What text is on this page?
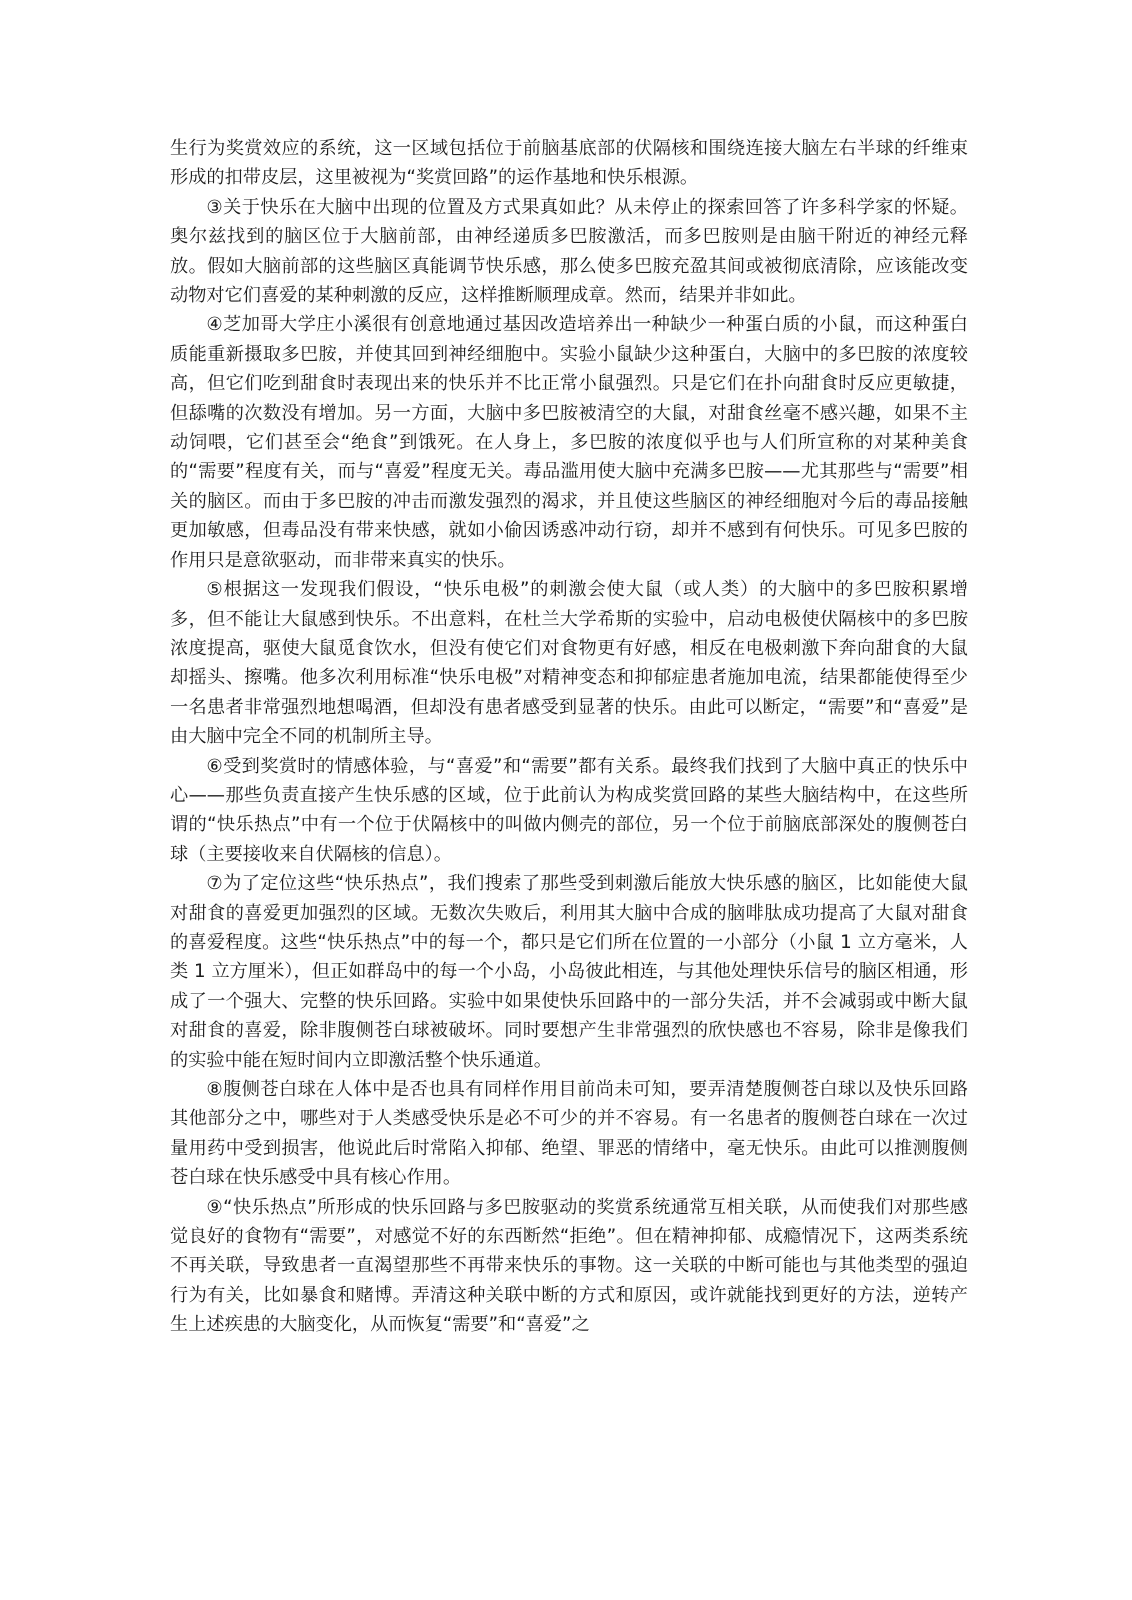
生行为奖赏效应的系统，这一区域包括位于前脑基底部的伏隔核和围绕连接大脑左右半球的纤维束形成的扣带皮层，这里被视为“奖赏回路”的运作基地和快乐根源。

③关于快乐在大脑中出现的位置及方式果真如此？从未停止的探索回答了许多科学家的怀疑。奥尔兹找到的脑区位于大脑前部，由神经递质多巴胺激活，而多巴胺则是由脑干附近的神经元释放。假如大脑前部的这些脑区真能调节快乐感，那么使多巴胺充盈其间或被彻底清除，应该能改变动物对它们喜爱的某种刺激的反应，这样推断顺理成章。然而，结果并非如此。

④芝加哥大学庄小溪很有创意地通过基因改造培养出一种缺少一种蛋白质的小鼠，而这种蛋白质能重新摄取多巴胺，并使其回到神经细胞中。实验小鼠缺少这种蛋白，大脑中的多巴胺的浓度较高，但它们吃到甜食时表现出来的快乐并不比正常小鼠强烈。只是它们在扑向甜食时反应更敏捷，但舔嘴的次数没有增加。另一方面，大脑中多巴胺被清空的大鼠，对甜食丝毫不感兴趣，如果不主动饲喂，它们甚至会“绝食”到饿死。在人身上，多巴胺的浓度似乎也与人们所宣称的对某种美食的“需要”程度有关，而与“喜爱”程度无关。毒品滥用使大脑中充满多巴胺——尤其那些与“需要”相关的脑区。而由于多巴胺的冲击而激发强烈的渴求，并且使这些脑区的神经细胞对今后的毒品接触更加敏感，但毒品没有带来快感，就如小偷因诱惑冲动行窃，却并不感到有何快乐。可见多巴胺的作用只是意欲驱动，而非带来真实的快乐。

⑤根据这一发现我们假设，“快乐电极”的刺激会使大鼠（或人类）的大脑中的多巴胺积累增多，但不能让大鼠感到快乐。不出意料，在杜兰大学希斯的实验中，启动电极使伏隔核中的多巴胺浓度提高，驱使大鼠觅食饮水，但没有使它们对食物更有好感，相反在电极刺激下奔向甜食的大鼠却摇头、擦嘴。他多次利用标准“快乐电极”对精神变态和抑郁症患者施加电流，结果都能使得至少一名患者非常强烈地想喝酒，但却没有患者感受到显著的快乐。由此可以断定，“需要”和“喜爱”是由大脑中完全不同的机制所主导。

⑥受到奖赏时的情感体验，与“喜爱”和“需要”都有关系。最终我们找到了大脑中真正的快乐中心——那些负责直接产生快乐感的区域，位于此前认为构成奖赏回路的某些大脑结构中，在这些所谓的“快乐热点”中有一个位于伏隔核中的叫做内侧壳的部位，另一个位于前脑底部深处的腹侧苍白球（主要接收来自伏隔核的信息）。

⑦为了定位这些“快乐热点”，我们搜索了那些受到刺激后能放大快乐感的脑区，比如能使大鼠对甜食的喜爱更加强烈的区域。无数次失败后，利用其大脑中合成的脑啡肽成功提高了大鼠对甜食的喜爱程度。这些“快乐热点”中的每一个，都只是它们所在位置的一小部分（小鼠 1 立方毫米，人类 1 立方厘米），但正如群岛中的每一个小岛，小岛彼此相连，与其他处理快乐信号的脑区相通，形成了一个强大、完整的快乐回路。实验中如果使快乐回路中的一部分失活，并不会减弱或中断大鼠对甜食的喜爱，除非腹侧苍白球被破坏。同时要想产生非常强烈的欣快感也不容易，除非是像我们的实验中能在短时间内立即激活整个快乐通道。

⑧腹侧苍白球在人体中是否也具有同样作用目前尚未可知，要弄清楚腹侧苍白球以及快乐回路其他部分之中，哪些对于人类感受快乐是必不可少的并不容易。有一名患者的腹侧苍白球在一次过量用药中受到损害，他说此后时常陷入抑郁、绝望、罪恶的情绪中，毫无快乐。由此可以推测腹侧苍白球在快乐感受中具有核心作用。

⑨“快乐热点”所形成的快乐回路与多巴胺驱动的奖赏系统通常互相关联，从而使我们对那些感觉良好的食物有“需要”，对感觉不好的东西断然“拒绝”。但在精神抑郁、成瘾情况下，这两类系统不再关联，导致患者一直渴望那些不再带来快乐的事物。这一关联的中断可能也与其他类型的强迫行为有关，比如暴食和赌博。弄清这种关联中断的方式和原因，或许就能找到更好的方法，逆转产生上述疾患的大脑变化，从而恢复“需要”和“喜爱”之
